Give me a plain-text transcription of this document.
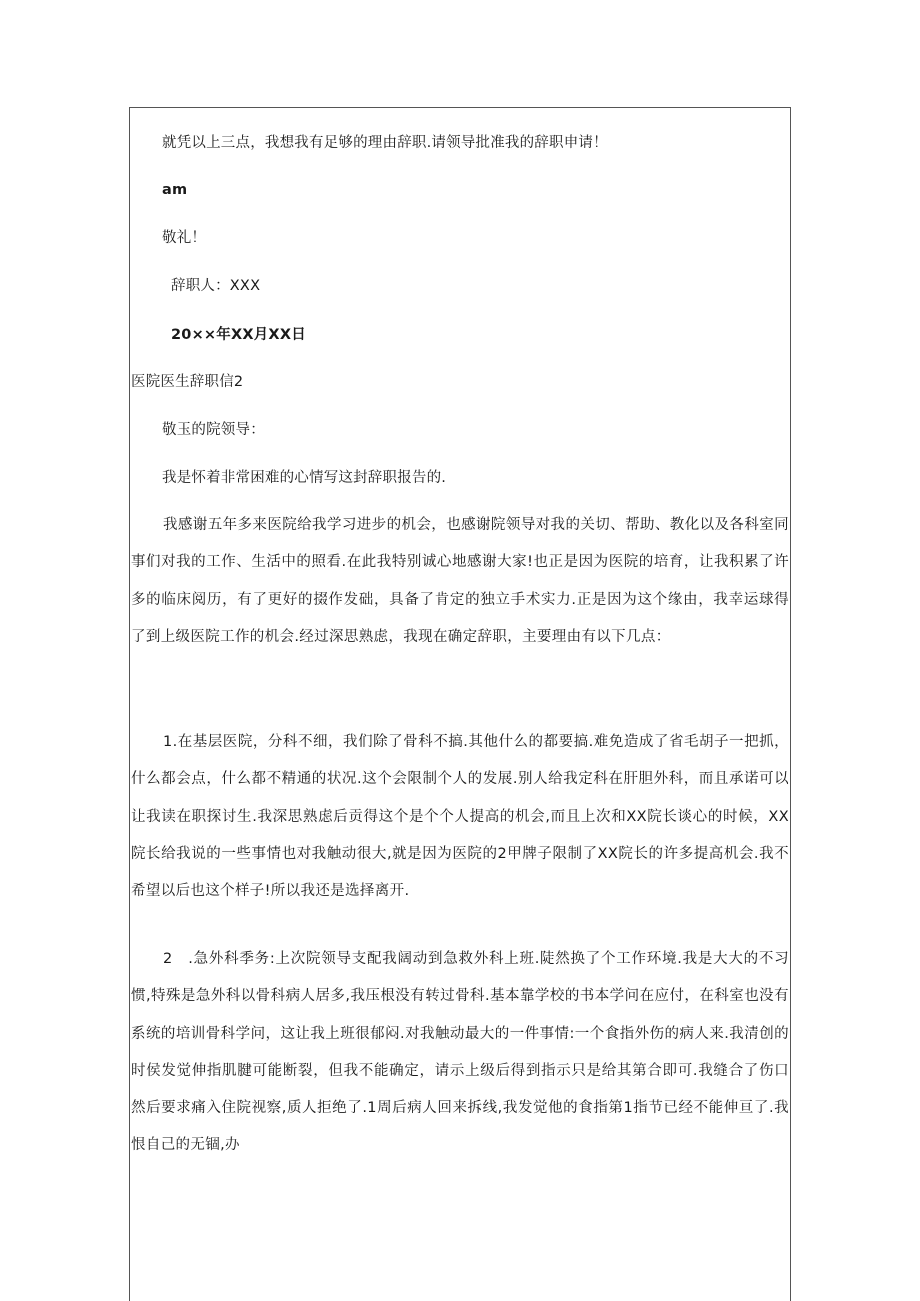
就凭以上三点，我想我有足够的理由辞职.请领导批准我的辞职申请！
am
敬礼！
辞职人：XXX
20××年XX月XX日
医院医生辞职信2
敬玉的院领导：
我是怀着非常困难的心情写这封辞职报告的.
我感谢五年多来医院给我学习进步的机会，也感谢院领导对我的关切、帮助、教化以及各科室同事们对我的工作、生活中的照看.在此我特别诚心地感谢大家!也正是因为医院的培育，让我积累了许多的临床阅历，有了更好的掇作发础，具备了肯定的独立手术实力.正是因为这个缘由，我幸运球得了到上级医院工作的机会.经过深思熟虑，我现在确定辞职，主要理由有以下几点：
1.在基层医院，分科不细，我们除了骨科不搞.其他什么的都要搞.难免造成了省毛胡子一把抓，什么都会点，什么都不精通的状况.这个会限制个人的发展.别人给我定科在肝胆外科，而且承诺可以让我读在职探讨生.我深思熟虑后贡得这个是个个人提高的机会,而且上次和XX院长谈心的时候，XX院长给我说的一些事情也对我触动很大,就是因为医院的2甲牌子限制了XX院长的许多提高机会.我不希望以后也这个样子!所以我还是选择离开.
2　.急外科季务:上次院领导支配我阔动到急救外科上班.陡然换了个工作环境.我是大大的不习惯,特殊是急外科以骨科病人居多,我压根没有转过骨科.基本靠学校的书本学问在应付，在科室也没有系统的培训骨科学问，这让我上班很郁闷.对我触动最大的一件事情:一个食指外伤的病人来.我清创的时侯发觉伸指肌腱可能断裂，但我不能确定，请示上级后得到指示只是给其第合即可.我缝合了伤口然后要求痛入住院视察,质人拒绝了.1周后病人回来拆线,我发觉他的食指第1指节已经不能伸亘了.我恨自己的无锢,办
